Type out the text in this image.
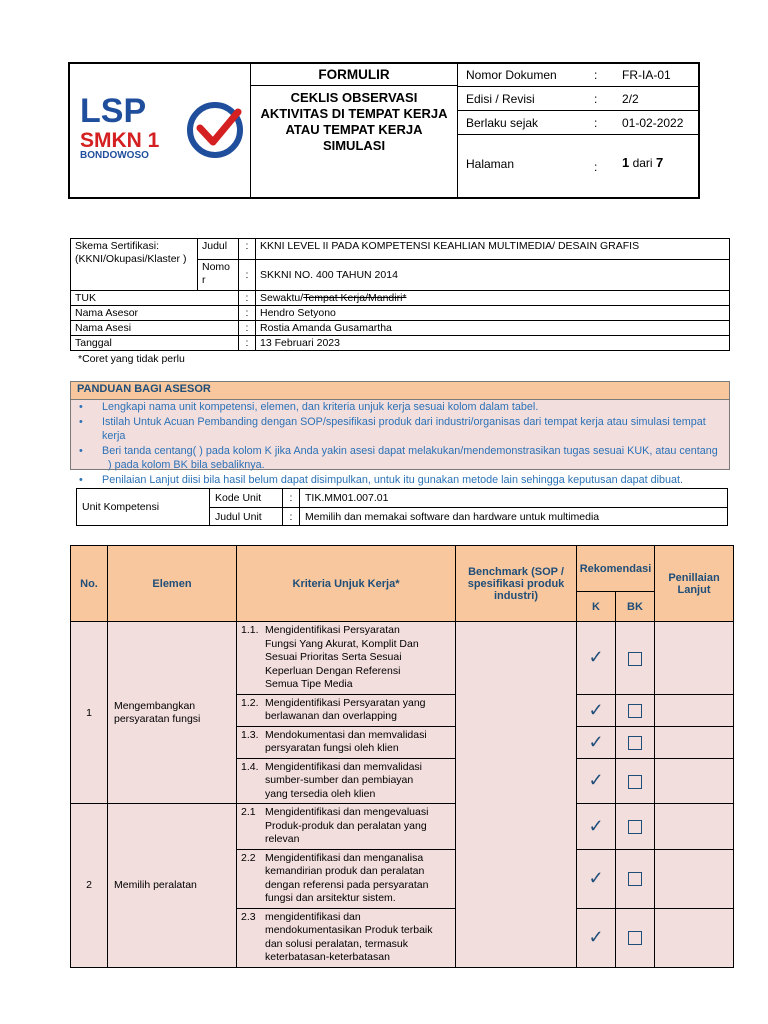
LSP
SMKN 1
BONDOWOSO

FORMULIR
CEKLIS OBSERVASI AKTIVITAS DI TEMPAT KERJA ATAU TEMPAT KERJA SIMULASI

Nomor Dokumen	: FR-IA-01
Edisi / Revisi	: 2/2
Berlaku sejak	: 01-02-2022
Halaman	: 1 dari 7
Skema Sertifikasi: (KKNI/Okupasi/Klaster )	Judul	:	KKNI LEVEL II PADA KOMPETENSI KEAHLIAN MULTIMEDIA/ DESAIN GRAFIS
	Nomo r	:	SKKNI NO. 400 TAHUN 2014
TUK		:	Sewaktu/Tempat Kerja/Mandiri*
Nama Asesor		:	Hendro Setyono
Nama Asesi		:	Rostia Amanda Gusamartha
Tanggal		:	13 Februari 2023
*Coret yang tidak perlu
PANDUAN BAGI ASESOR
• Lengkapi nama unit kompetensi, elemen, dan kriteria unjuk kerja sesuai kolom dalam tabel.
• Istilah Untuk Acuan Pembanding dengan SOP/spesifikasi produk dari industri/organisas dari tempat kerja atau simulasi tempat kerja
• Beri tanda centang( ) pada kolom K jika Anda yakin asesi dapat melakukan/mendemonstrasikan tugas sesuai KUK, atau centang
) pada kolom BK bila sebaliknya.
• Penilaian Lanjut diisi bila hasil belum dapat disimpulkan, untuk itu gunakan metode lain sehingga keputusan dapat dibuat.
Unit Kompetensi	Kode Unit	:	TIK.MM01.007.01
	Judul Unit	:	Memilih dan memakai software dan hardware untuk multimedia
No.	Elemen	Kriteria Unjuk Kerja*	Benchmark (SOP / spesifikasi produk industri)	Rekomendasi		Penillaian Lanjut
				K	BK	
1	Mengembangkan persyaratan fungsi	1.1. Mengidentifikasi Persyaratan Fungsi Yang Akurat, Komplit Dan Sesuai Prioritas Serta Sesuai Keperluan Dengan Referensi Semua Tipe Media		✓		
		1.2. Mengidentifikasi Persyaratan yang berlawanan dan overlapping		✓		
		1.3. Mendokumentasi dan memvalidasi persyaratan fungsi oleh klien		✓		
		1.4. Mengidentifikasi dan memvalidasi sumber-sumber dan pembiayan yang tersedia oleh klien		✓		
2	Memilih peralatan	2.1 Mengidentifikasi dan mengevaluasi Produk-produk dan peralatan yang relevan		✓		
		2.2 Mengidentifikasi dan menganalisa kemandirian produk dan peralatan dengan referensi pada persyaratan fungsi dan arsitektur sistem.		✓		
		2.3 mengidentifikasi dan mendokumentasikan Produk terbaik dan solusi peralatan, termasuk keterbatasan-keterbatasan		✓		
